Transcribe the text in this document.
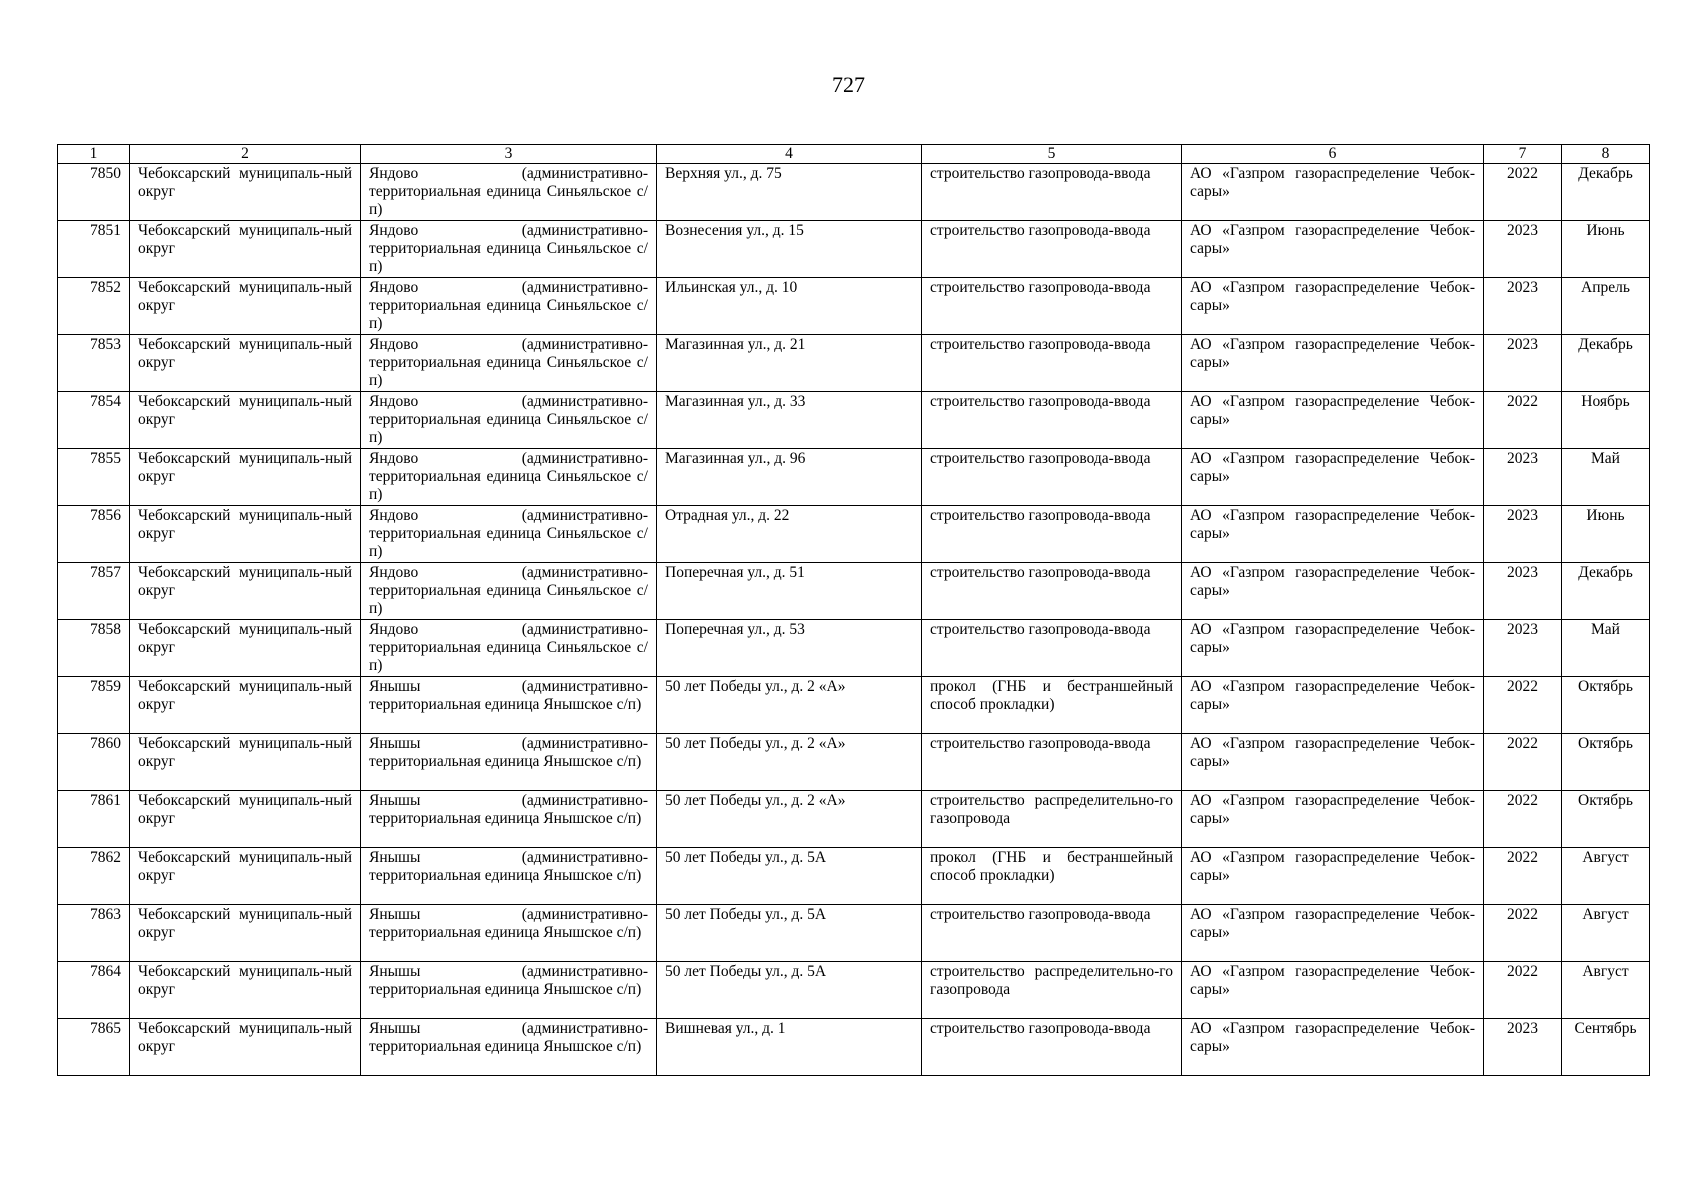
727
1	2	3	4	5	6	7	8
7850	Чебоксарский муниципаль-ный округ	Яндово (административно-территориальная единица Синьяльское с/п)	Верхняя ул., д. 75	строительство газопровода-ввода	АО «Газпром газораспределение Чебок-сары»	2022	Декабрь
7851	Чебоксарский муниципаль-ный округ	Яндово (административно-территориальная единица Синьяльское с/п)	Вознесения ул., д. 15	строительство газопровода-ввода	АО «Газпром газораспределение Чебок-сары»	2023	Июнь
7852	Чебоксарский муниципаль-ный округ	Яндово (административно-территориальная единица Синьяльское с/п)	Ильинская ул., д. 10	строительство газопровода-ввода	АО «Газпром газораспределение Чебок-сары»	2023	Апрель
7853	Чебоксарский муниципаль-ный округ	Яндово (административно-территориальная единица Синьяльское с/п)	Магазинная ул., д. 21	строительство газопровода-ввода	АО «Газпром газораспределение Чебок-сары»	2023	Декабрь
7854	Чебоксарский муниципаль-ный округ	Яндово (административно-территориальная единица Синьяльское с/п)	Магазинная ул., д. 33	строительство газопровода-ввода	АО «Газпром газораспределение Чебок-сары»	2022	Ноябрь
7855	Чебоксарский муниципаль-ный округ	Яндово (административно-территориальная единица Синьяльское с/п)	Магазинная ул., д. 96	строительство газопровода-ввода	АО «Газпром газораспределение Чебок-сары»	2023	Май
7856	Чебоксарский муниципаль-ный округ	Яндово (административно-территориальная единица Синьяльское с/п)	Отрадная ул., д. 22	строительство газопровода-ввода	АО «Газпром газораспределение Чебок-сары»	2023	Июнь
7857	Чебоксарский муниципаль-ный округ	Яндово (административно-территориальная единица Синьяльское с/п)	Поперечная ул., д. 51	строительство газопровода-ввода	АО «Газпром газораспределение Чебок-сары»	2023	Декабрь
7858	Чебоксарский муниципаль-ный округ	Яндово (административно-территориальная единица Синьяльское с/п)	Поперечная ул., д. 53	строительство газопровода-ввода	АО «Газпром газораспределение Чебок-сары»	2023	Май
7859	Чебоксарский муниципаль-ный округ	Янышы (административно-территориальная единица Янышское с/п)	50 лет Победы ул., д. 2 «А»	прокол (ГНБ и бестраншейный способ прокладки)	АО «Газпром газораспределение Чебок-сары»	2022	Октябрь
7860	Чебоксарский муниципаль-ный округ	Янышы (административно-территориальная единица Янышское с/п)	50 лет Победы ул., д. 2 «А»	строительство газопровода-ввода	АО «Газпром газораспределение Чебок-сары»	2022	Октябрь
7861	Чебоксарский муниципаль-ный округ	Янышы (административно-территориальная единица Янышское с/п)	50 лет Победы ул., д. 2 «А»	строительство распределительно-го газопровода	АО «Газпром газораспределение Чебок-сары»	2022	Октябрь
7862	Чебоксарский муниципаль-ный округ	Янышы (административно-территориальная единица Янышское с/п)	50 лет Победы ул., д. 5А	прокол (ГНБ и бестраншейный способ прокладки)	АО «Газпром газораспределение Чебок-сары»	2022	Август
7863	Чебоксарский муниципаль-ный округ	Янышы (административно-территориальная единица Янышское с/п)	50 лет Победы ул., д. 5А	строительство газопровода-ввода	АО «Газпром газораспределение Чебок-сары»	2022	Август
7864	Чебоксарский муниципаль-ный округ	Янышы (административно-территориальная единица Янышское с/п)	50 лет Победы ул., д. 5А	строительство распределительно-го газопровода	АО «Газпром газораспределение Чебок-сары»	2022	Август
7865	Чебоксарский муниципаль-ный округ	Янышы (административно-территориальная единица Янышское с/п)	Вишневая ул., д. 1	строительство газопровода-ввода	АО «Газпром газораспределение Чебок-сары»	2023	Сентябрь
